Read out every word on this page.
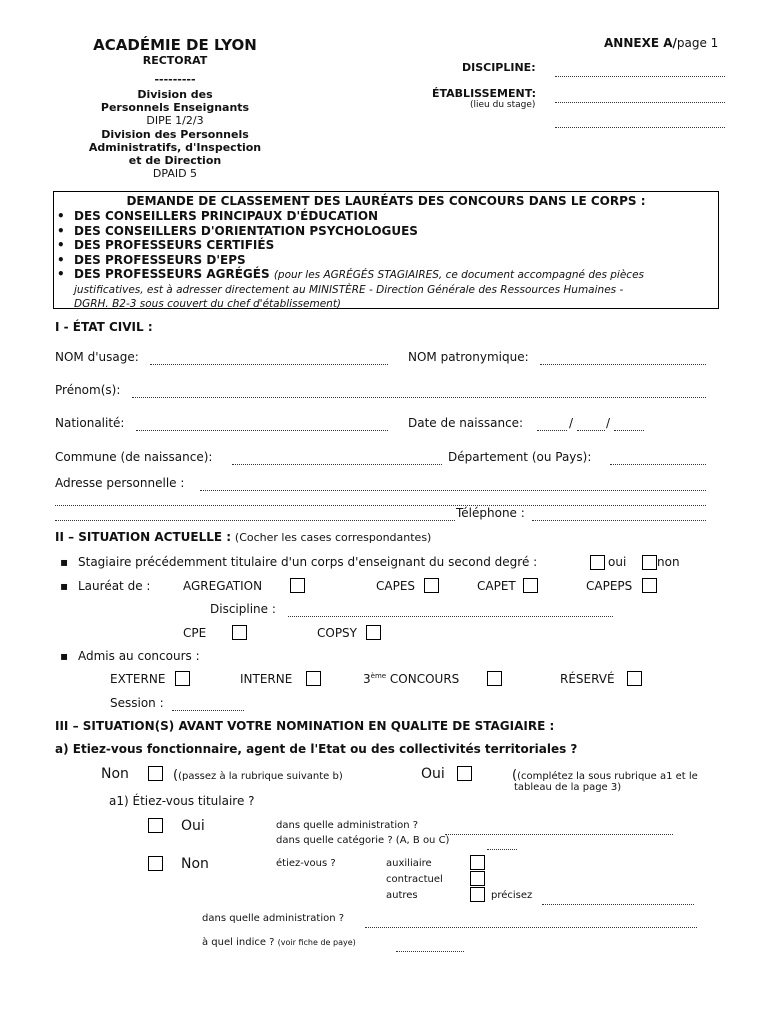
ACADÉMIE DE LYON
RECTORAT
---------
Division des
Personnels Enseignants
DIPE 1/2/3
Division des Personnels
Administratifs, d'Inspection
et de Direction
DPAID 5
ANNEXE A/page 1
DISCIPLINE:
ÉTABLISSEMENT:
(lieu du stage)
DEMANDE DE CLASSEMENT DES LAURÉATS DES CONCOURS DANS LE CORPS :
• DES CONSEILLERS PRINCIPAUX D'ÉDUCATION
• DES CONSEILLERS D'ORIENTATION PSYCHOLOGUES
• DES PROFESSEURS CERTIFIÉS
• DES PROFESSEURS D'EPS
• DES PROFESSEURS AGRÉGÉS (pour les AGRÉGÉS STAGIAIRES, ce document accompagné des pièces
justificatives, est à adresser directement au MINISTÈRE - Direction Générale des Ressources Humaines -
DGRH. B2-3 sous couvert du chef d'établissement)
I - ÉTAT CIVIL :
NOM d'usage:	NOM patronymique:
Prénom(s):
Nationalité:	Date de naissance:	/	/
Commune (de naissance):	Département (ou Pays):
Adresse personnelle :
Téléphone :
II – SITUATION ACTUELLE : (Cocher les cases correspondantes)
▪ Stagiaire précédemment titulaire d'un corps d'enseignant du second degré :	oui	non
▪ Lauréat de :	AGREGATION	CAPES	CAPET	CAPEPS
Discipline :
CPE	COPSY
▪ Admis au concours :
EXTERNE	INTERNE	3ème CONCOURS	RÉSERVÉ
Session :
III – SITUATION(S) AVANT VOTRE NOMINATION EN QUALITE DE STAGIAIRE :
a) Etiez-vous fonctionnaire, agent de l'Etat ou des collectivités territoriales ?
Non	((passez à la rubrique suivante b)	Oui	((complétez la sous rubrique a1 et le
tableau de la page 3)
a1) Étiez-vous titulaire ?
Oui	dans quelle administration ?
dans quelle catégorie ? (A, B ou C)
Non	étiez-vous ?	auxiliaire
contractuel
autres	précisez
dans quelle administration ?
à quel indice ? (voir fiche de paye)
